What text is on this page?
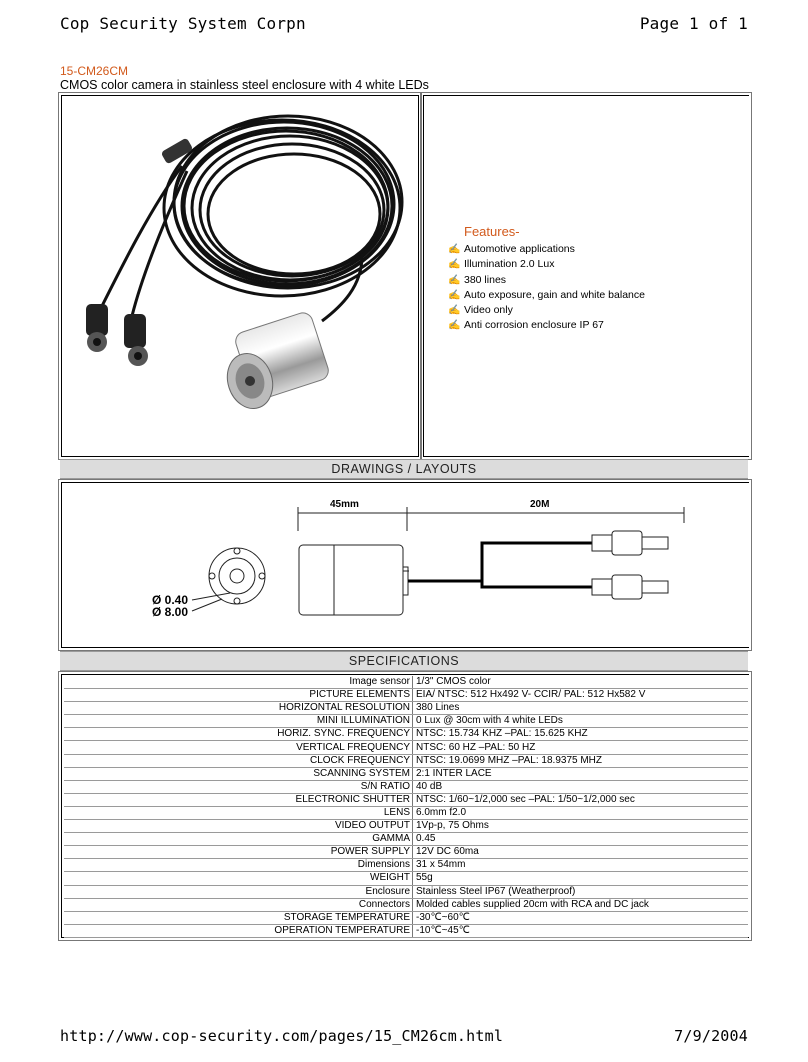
Cop Security System Corpn	Page 1 of 1
15-CM26CM
CMOS color camera in stainless steel enclosure with 4 white LEDs
Features-
✍ Automotive applications
✍ Illumination 2.0 Lux
✍ 380 lines
✍ Auto exposure, gain and white balance
✍ Video only
✍ Anti corrosion enclosure IP 67
DRAWINGS / LAYOUTS
45mm	20M
Ø 0.40
Ø 8.00
SPECIFICATIONS
Image sensor	1/3" CMOS color
PICTURE ELEMENTS	EIA/ NTSC: 512 Hx492 V- CCIR/ PAL: 512 Hx582 V
HORIZONTAL RESOLUTION	380 Lines
MINI ILLUMINATION	0 Lux @ 30cm with 4 white LEDs
HORIZ. SYNC. FREQUENCY	NTSC: 15.734 KHZ –PAL: 15.625 KHZ
VERTICAL FREQUENCY	NTSC: 60 HZ –PAL: 50 HZ
CLOCK FREQUENCY	NTSC: 19.0699 MHZ –PAL: 18.9375 MHZ
SCANNING SYSTEM	2:1 INTER LACE
S/N RATIO	40 dB
ELECTRONIC SHUTTER	NTSC: 1/60~1/2,000 sec –PAL: 1/50~1/2,000 sec
LENS	6.0mm f2.0
VIDEO OUTPUT	1Vp-p, 75 Ohms
GAMMA	0.45
POWER SUPPLY	12V DC 60ma
Dimensions	31 x 54mm
WEIGHT	55g
Enclosure	Stainless Steel IP67 (Weatherproof)
Connectors	Molded cables supplied 20cm with RCA and DC jack
STORAGE TEMPERATURE	-30℃~60℃
OPERATION TEMPERATURE	-10℃~45℃
http://www.cop-security.com/pages/15_CM26cm.html	7/9/2004
